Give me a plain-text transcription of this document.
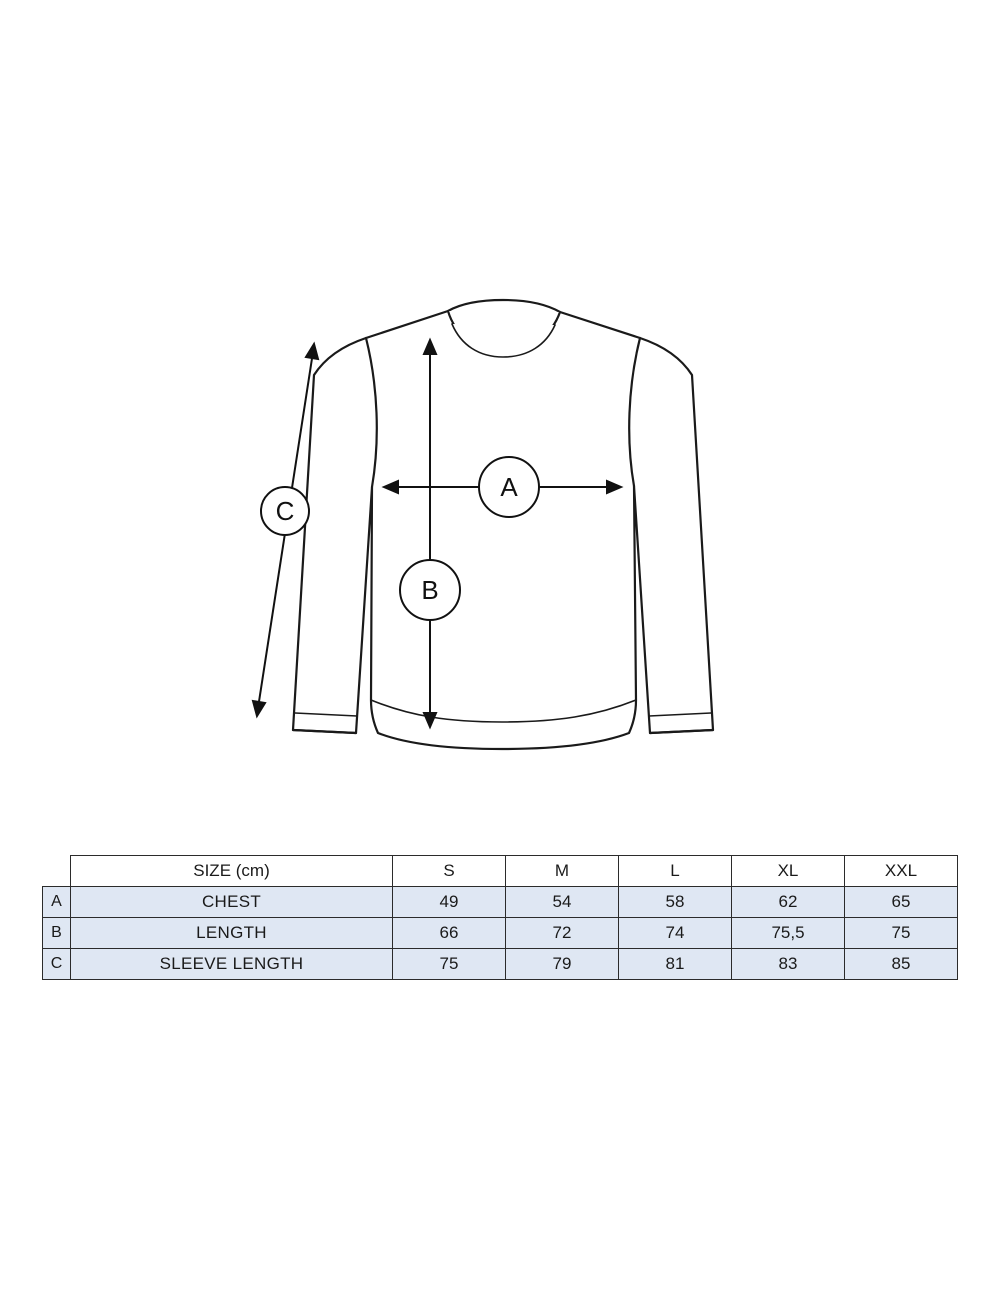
A
B
C
	SIZE (cm)	S	M	L	XL	XXL
A	CHEST	49	54	58	62	65
B	LENGTH	66	72	74	75,5	75
C	SLEEVE LENGTH	75	79	81	83	85
